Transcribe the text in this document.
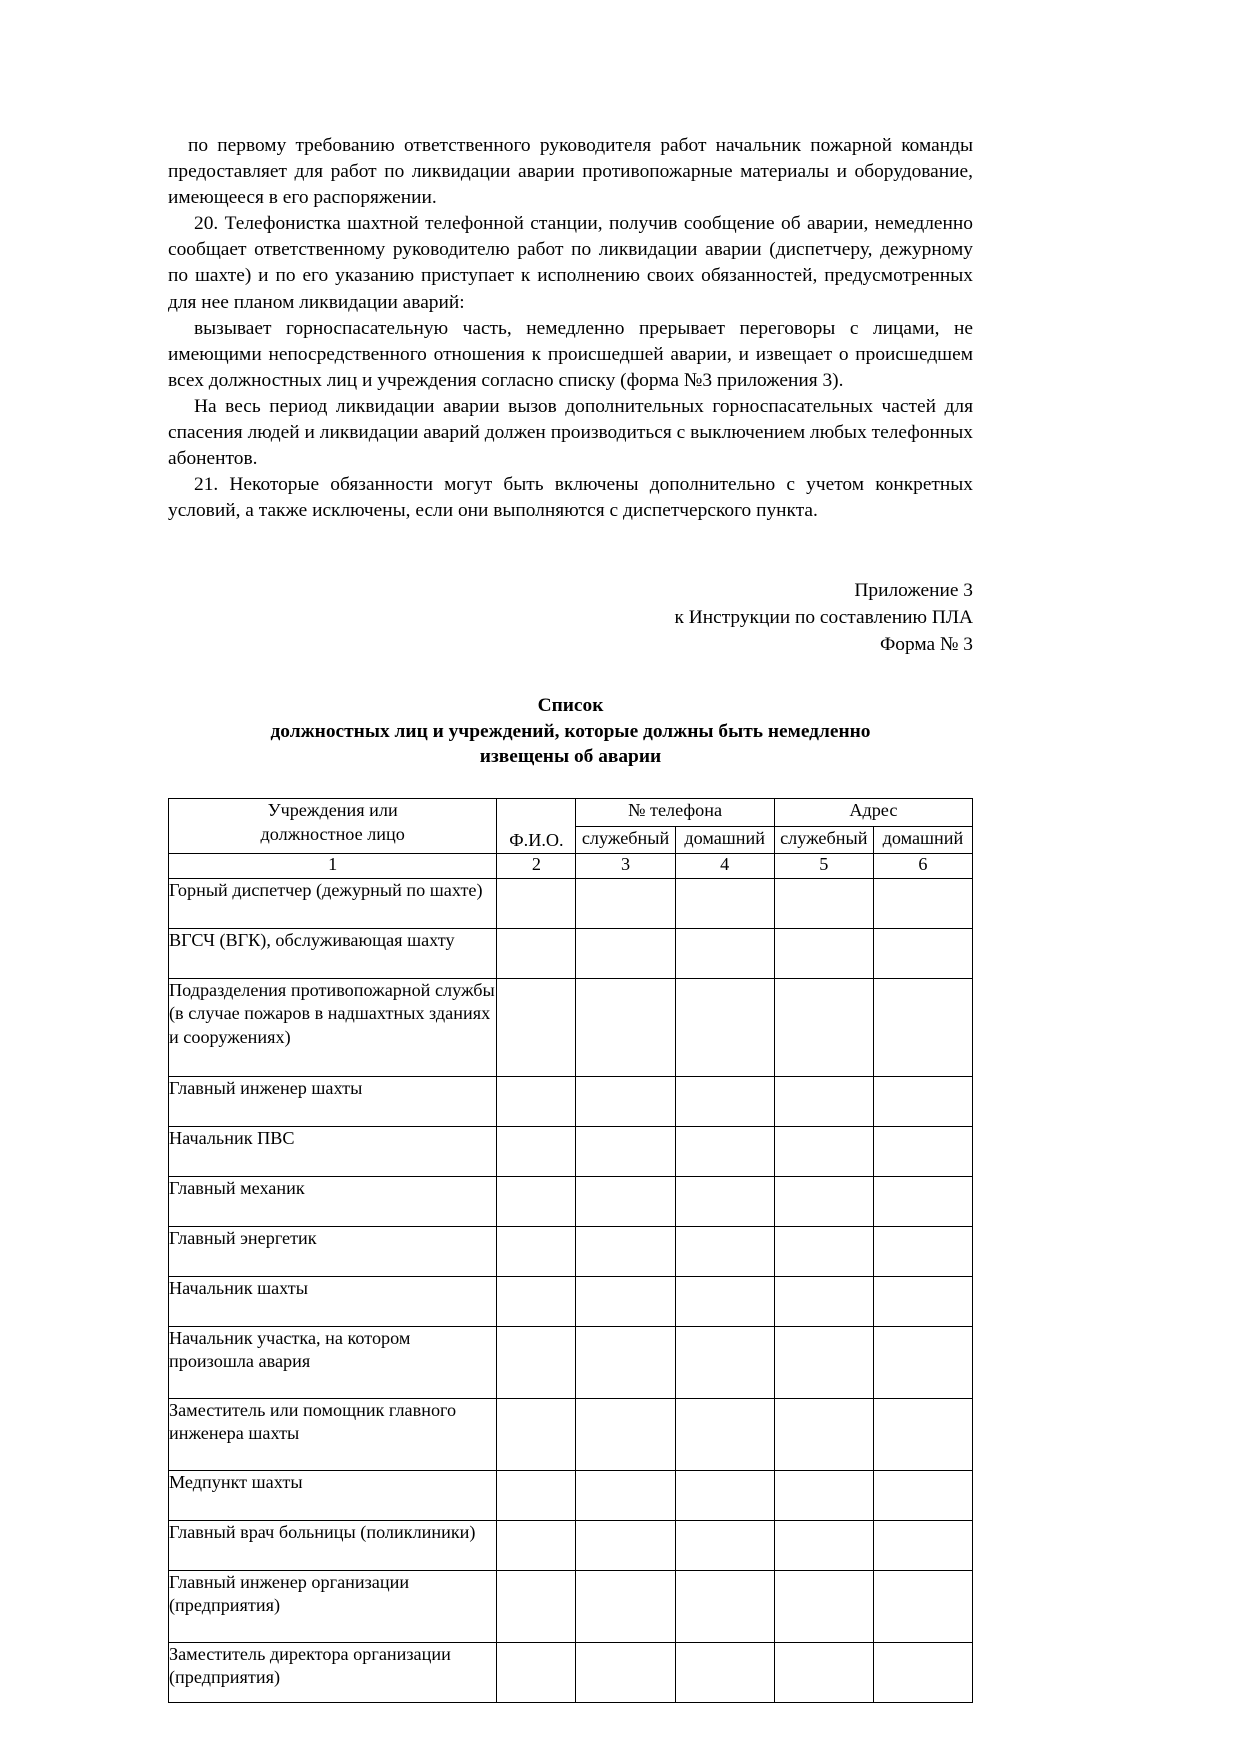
по первому требованию ответственного руководителя работ начальник пожарной команды предоставляет для работ по ликвидации аварии противопожарные материалы и оборудование, имеющееся в его распоряжении.

20. Телефонистка шахтной телефонной станции, получив сообщение об аварии, немедленно сообщает ответственному руководителю работ по ликвидации аварии (диспетчеру, дежурному по шахте) и по его указанию приступает к исполнению своих обязанностей, предусмотренных для нее планом ликвидации аварий:

вызывает горноспасательную часть, немедленно прерывает переговоры с лицами, не имеющими непосредственного отношения к происшедшей аварии, и извещает о происшедшем всех должностных лиц и учреждения согласно списку (форма №3 приложения 3).

На весь период ликвидации аварии вызов дополнительных горноспасательных частей для спасения людей и ликвидации аварий должен производиться с выключением любых телефонных абонентов.

21. Некоторые обязанности могут быть включены дополнительно с учетом конкретных условий, а также исключены, если они выполняются с диспетчерского пункта.

Приложение 3
к Инструкции по составлению ПЛА
Форма № 3
Список
должностных лиц и учреждений, которые должны быть немедленно
извещены об аварии
Учреждения или
должностное лицо	Ф.И.О.	№ телефона		Адрес	
		служебный	домашний	служебный	домашний
1	2	3	4	5	6
Горный диспетчер (дежурный по шахте)					
ВГСЧ (ВГК), обслуживающая шахту					
Подразделения противопожарной службы (в случае пожаров в надшахтных зданиях и сооружениях)					
Главный инженер шахты					
Начальник ПВС					
Главный механик					
Главный энергетик					
Начальник шахты					
Начальник участка, на котором произошла авария					
Заместитель или помощник главного инженера шахты					
Медпункт шахты					
Главный врач больницы (поликлиники)					
Главный инженер организации (предприятия)					
Заместитель директора организации (предприятия)					
